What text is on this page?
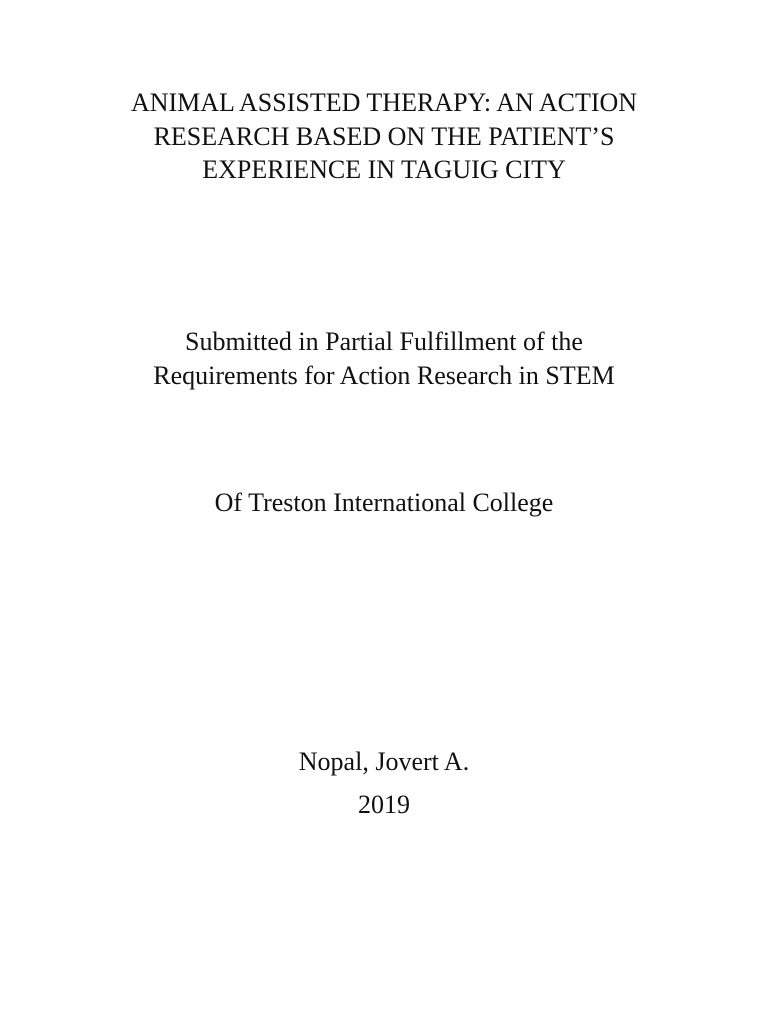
ANIMAL ASSISTED THERAPY: AN ACTION
RESEARCH BASED ON THE PATIENT’S
EXPERIENCE IN TAGUIG CITY
Submitted in Partial Fulfillment of the
Requirements for Action Research in STEM
Of Treston International College
Nopal, Jovert A.
2019
